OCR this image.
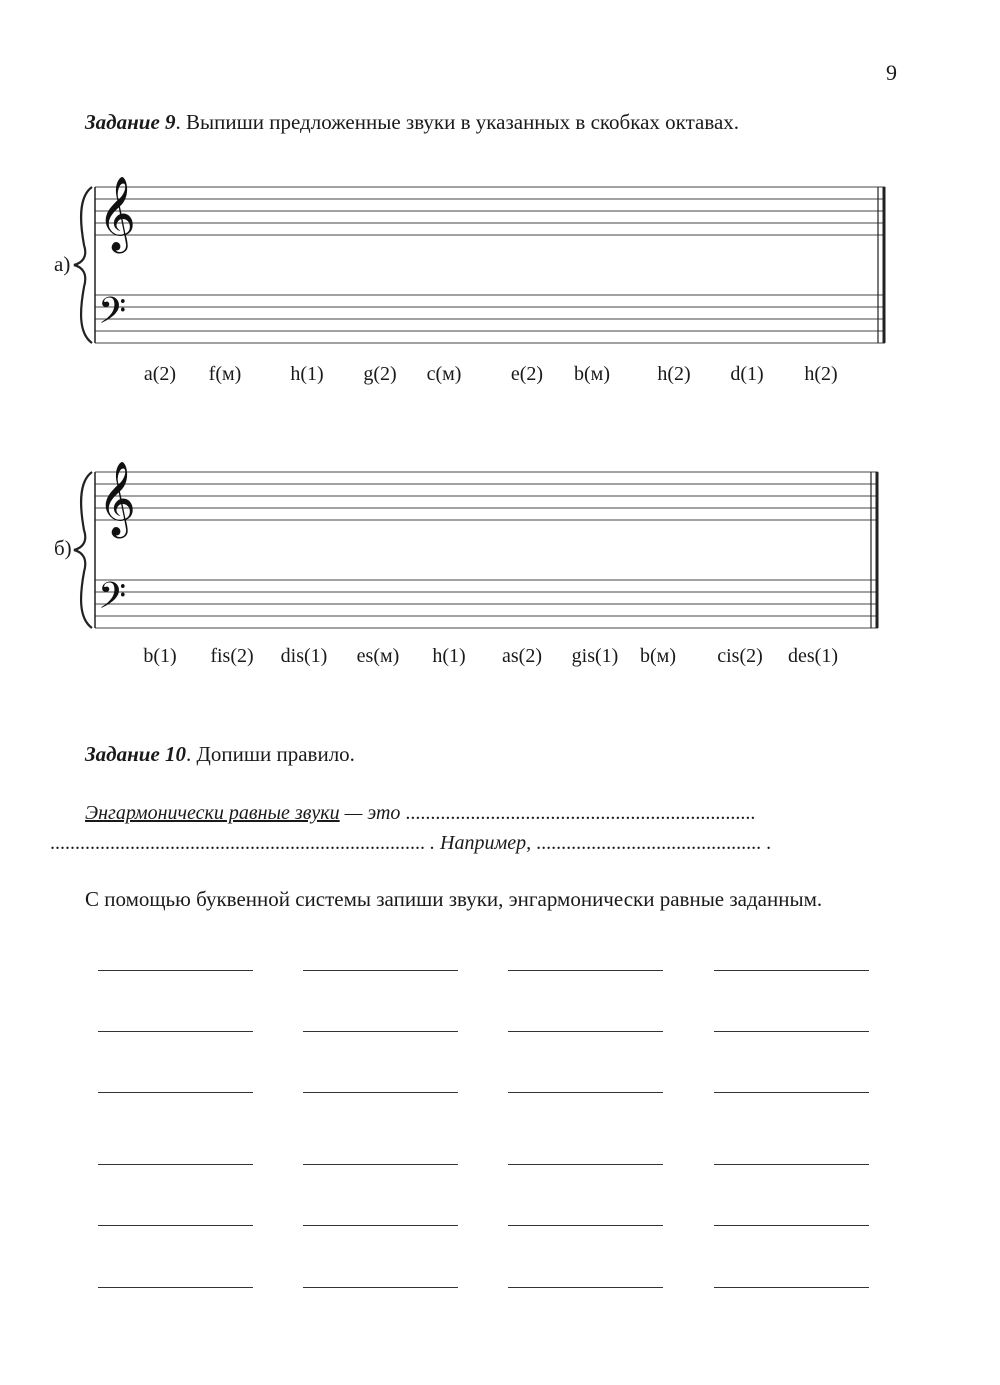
9
Задание 9. Выпиши предложенные звуки в указанных в скобках октавах.
а)
𝄞
𝄢
a(2) f(м) h(1) g(2) c(м) e(2) b(м) h(2) d(1) h(2)
б)
𝄞
𝄢
b(1) fis(2) dis(1) es(м) h(1) as(2) gis(1) b(м) cis(2) des(1)
Задание 10. Допиши правило.
Энгармонически равные звуки — это ......................................................................
........................................................................... . Например, ............................................. .
С помощью буквенной системы запиши звуки, энгармонически равные заданным.
